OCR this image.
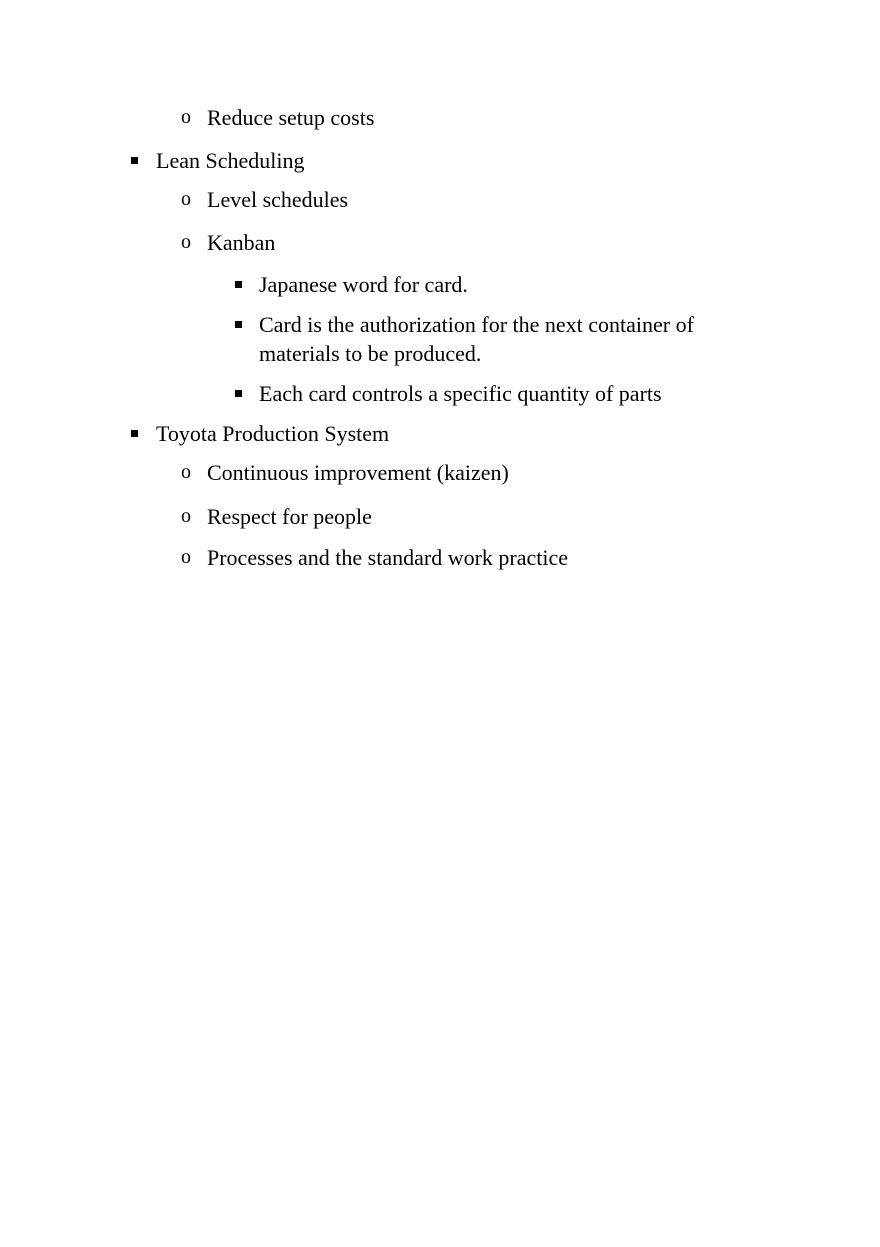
o Reduce setup costs
Lean Scheduling
o Level schedules
o Kanban
Japanese word for card.
Card is the authorization for the next container of materials to be produced.
Each card controls a specific quantity of parts
Toyota Production System
o Continuous improvement (kaizen)
o Respect for people
o Processes and the standard work practice
